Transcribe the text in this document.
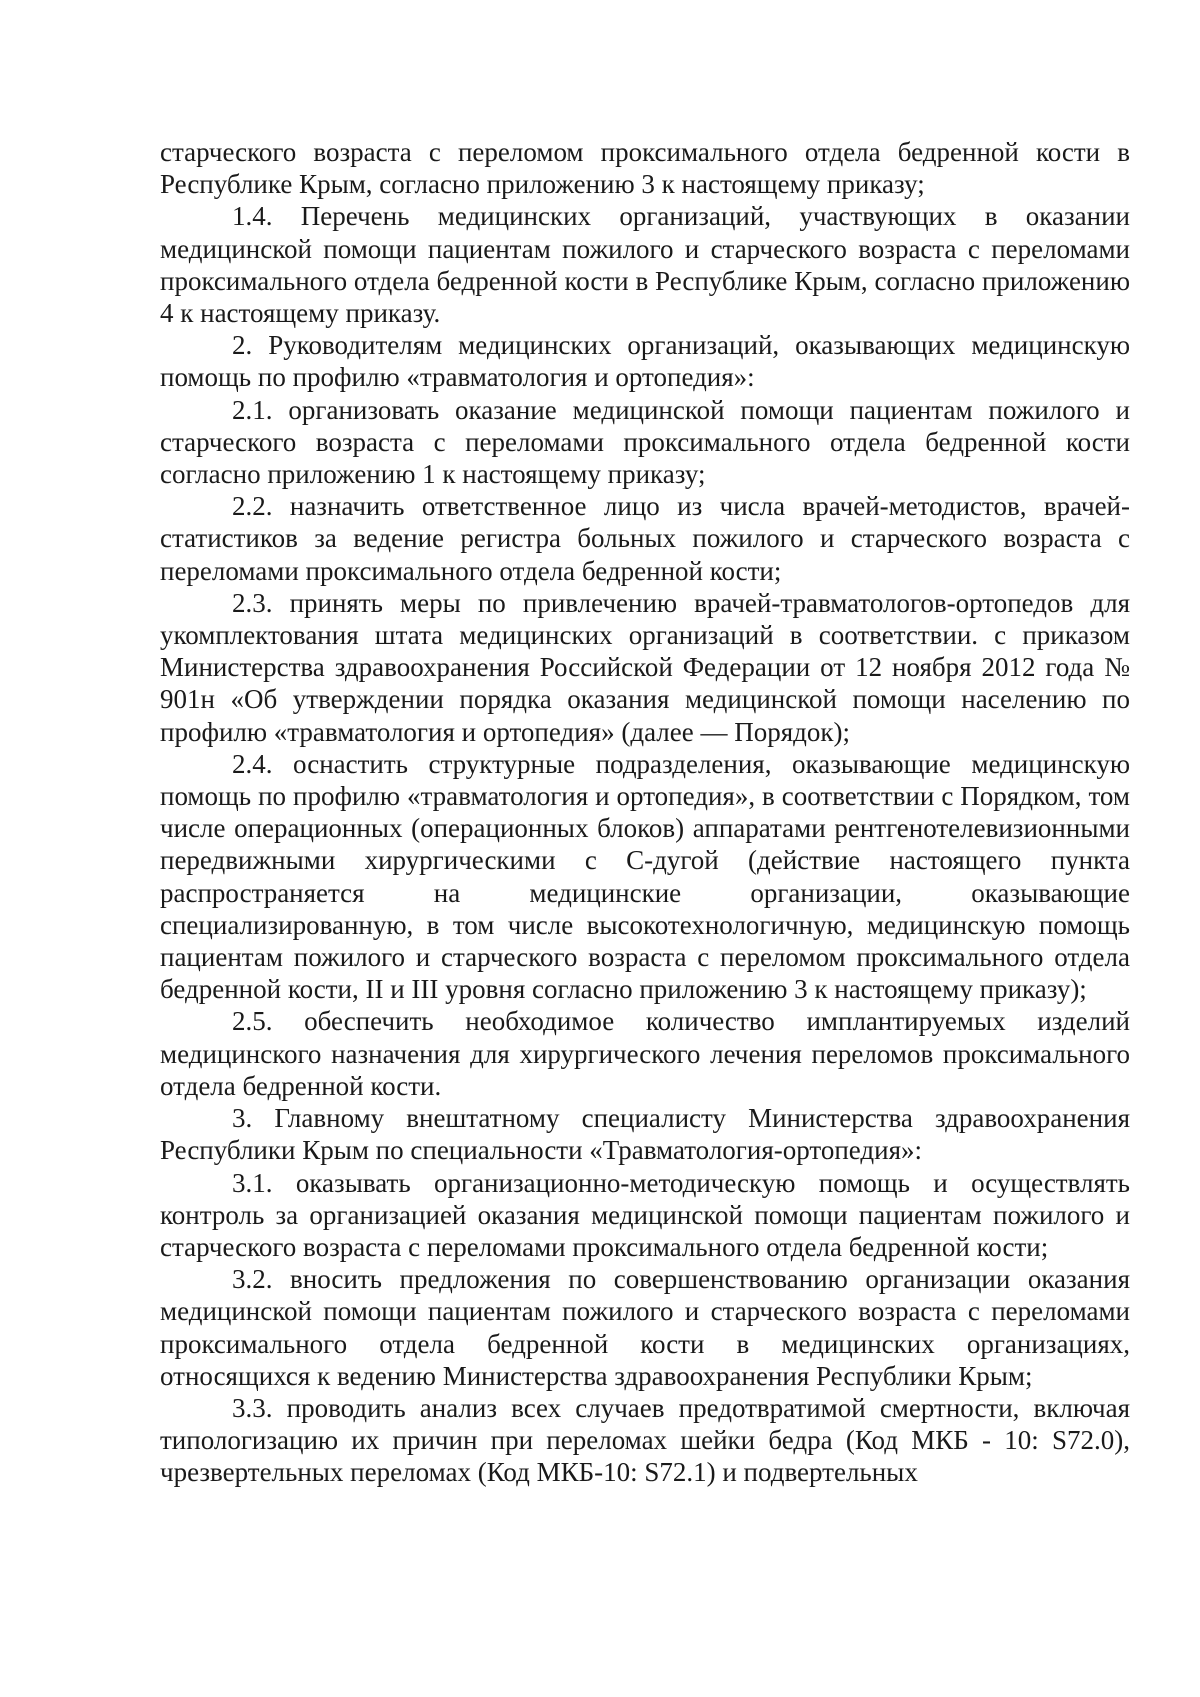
старческого возраста с переломом проксимального отдела бедренной кости в Республике Крым, согласно приложению 3 к настоящему приказу;

1.4. Перечень медицинских организаций, участвующих в оказании медицинской помощи пациентам пожилого и старческого возраста с переломами проксимального отдела бедренной кости в Республике Крым, согласно приложению 4 к настоящему приказу.

2. Руководителям медицинских организаций, оказывающих медицинскую помощь по профилю «травматология и ортопедия»:

2.1. организовать оказание медицинской помощи пациентам пожилого и старческого возраста с переломами проксимального отдела бедренной кости согласно приложению 1 к настоящему приказу;

2.2. назначить ответственное лицо из числа врачей-методистов, врачей-статистиков за ведение регистра больных пожилого и старческого возраста с переломами проксимального отдела бедренной кости;

2.3. принять меры по привлечению врачей-травматологов-ортопедов для укомплектования штата медицинских организаций в соответствии. с приказом Министерства здравоохранения Российской Федерации от 12 ноября 2012 года № 901н «Об утверждении порядка оказания медицинской помощи населению по профилю «травматология и ортопедия» (далее — Порядок);

2.4. оснастить структурные подразделения, оказывающие медицинскую помощь по профилю «травматология и ортопедия», в соответствии с Порядком, том числе операционных (операционных блоков) аппаратами рентгенотелевизионными передвижными хирургическими с С-дугой (действие настоящего пункта распространяется на медицинские организации, оказывающие специализированную, в том числе высокотехнологичную, медицинскую помощь пациентам пожилого и старческого возраста с переломом проксимального отдела бедренной кости, II и III уровня согласно приложению 3 к настоящему приказу);

2.5. обеспечить необходимое количество имплантируемых изделий медицинского назначения для хирургического лечения переломов проксимального отдела бедренной кости.

3. Главному внештатному специалисту Министерства здравоохранения Республики Крым по специальности «Травматология-ортопедия»:

3.1. оказывать организационно-методическую помощь и осуществлять контроль за организацией оказания медицинской помощи пациентам пожилого и старческого возраста с переломами проксимального отдела бедренной кости;

3.2. вносить предложения по совершенствованию организации оказания медицинской помощи пациентам пожилого и старческого возраста с переломами проксимального отдела бедренной кости в медицинских организациях, относящихся к ведению Министерства здравоохранения Республики Крым;

3.3. проводить анализ всех случаев предотвратимой смертности, включая типологизацию их причин при переломах шейки бедра (Код МКБ - 10: S72.0), чрезвертельных переломах (Код МКБ-10: S72.1) и подвертельных
